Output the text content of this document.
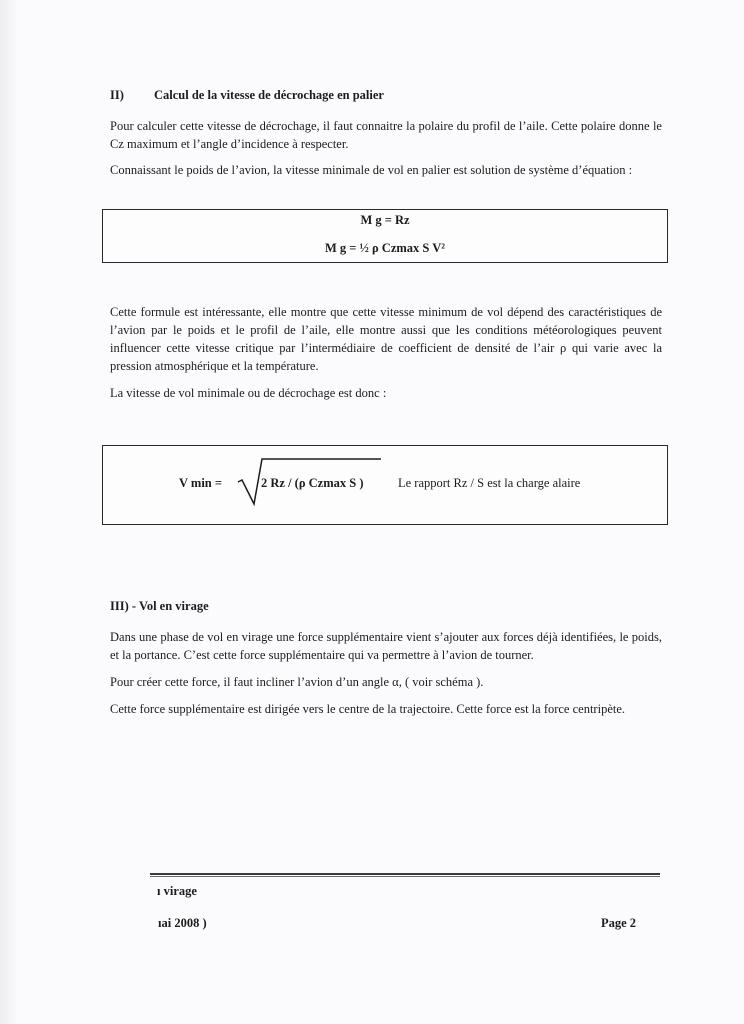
II) Calcul de la vitesse de décrochage en palier

Pour calculer cette vitesse de décrochage, il faut connaitre la polaire du profil de l’aile. Cette polaire donne le Cz maximum et l’angle d’incidence à respecter.

Connaissant le poids de l’avion, la vitesse minimale de vol en palier est solution de système d’équation :

M g = Rz
M g = ½ ρ Czmax S V²

Cette formule est intéressante, elle montre que cette vitesse minimum de vol dépend des caractéristiques de l’avion par le poids et le profil de l’aile, elle montre aussi que les conditions météorologiques peuvent influencer cette vitesse critique par l’intermédiaire de coefficient de densité de l’air ρ qui varie avec la pression atmosphérique et la température.

La vitesse de vol minimale ou de décrochage est donc :

V min =	2 Rz / (ρ Czmax S )	Le rapport Rz / S est la charge alaire
III) - Vol en virage

Dans une phase de vol en virage une force supplémentaire vient s’ajouter aux forces déjà identifiées, le poids, et la portance. C’est cette force supplémentaire qui va permettre à l’avion de tourner.

Pour créer cette force, il faut incliner l’avion d’un angle α, ( voir schéma ).

Cette force supplémentaire est dirigée vers le centre de la trajectoire. Cette force est la force centripète.

ı virage
ıai 2008 )	Page 2
